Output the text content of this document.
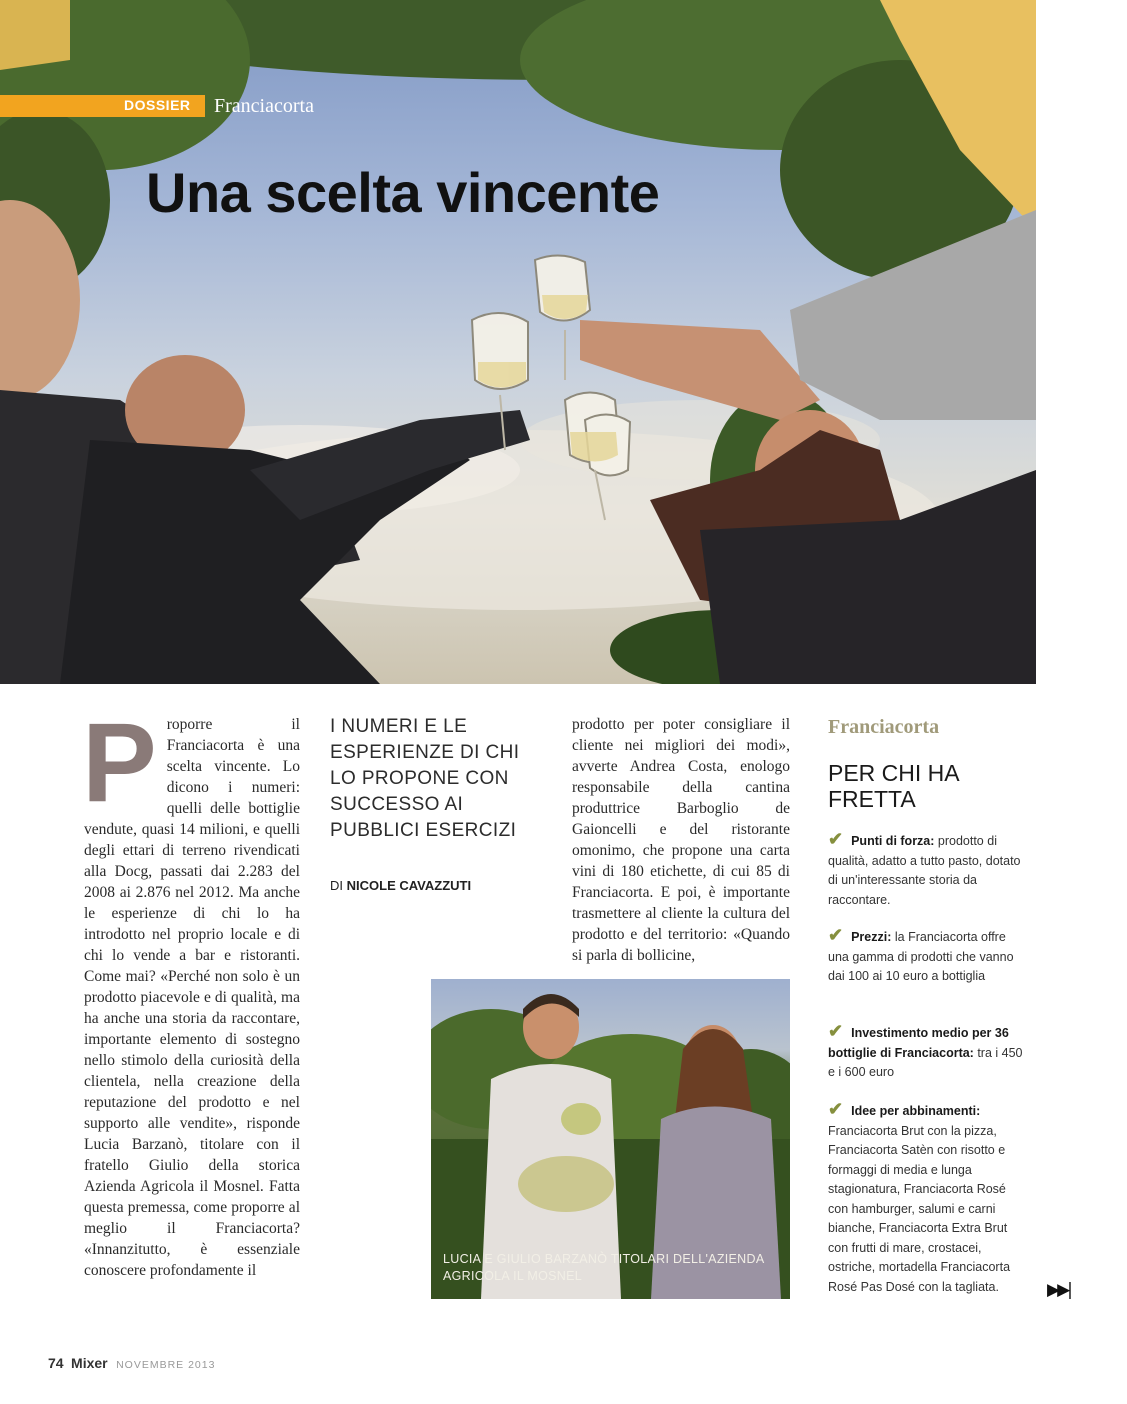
DOSSIER Franciacorta
Una scelta vincente
P roporre il Franciacorta è una scelta vincente. Lo dicono i numeri: quelli delle bottiglie vendute, quasi 14 milioni, e quelli degli ettari di terreno rivendicati alla Docg, passati dai 2.283 del 2008 ai 2.876 nel 2012. Ma anche le esperienze di chi lo ha introdotto nel proprio locale e di chi lo vende a bar e ristoranti. Come mai? «Perché non solo è un prodotto piacevole e di qualità, ma ha anche una storia da raccontare, importante elemento di sostegno nello stimolo della curiosità della clientela, nella creazione della reputazione del prodotto e nel supporto alle vendite», risponde Lucia Barzanò, titolare con il fratello Giulio della storica Azienda Agricola il Mosnel. Fatta questa premessa, come proporre al meglio il Franciacorta? «Innanzitutto, è essenziale conoscere profondamente il
I NUMERI E LE ESPERIENZE DI CHI LO PROPONE CON SUCCESSO AI PUBBLICI ESERCIZI
DI NICOLE CAVAZZUTI
prodotto per poter consigliare il cliente nei migliori dei modi», avverte Andrea Costa, enologo responsabile della cantina produttrice Barboglio de Gaioncelli e del ristorante omonimo, che propone una carta vini di 180 etichette, di cui 85 di Franciacorta. E poi, è importante trasmettere al cliente la cultura del prodotto e del territorio: «Quando si parla di bollicine,
LUCIA E GIULIO BARZANÒ TITOLARI DELL'AZIENDA AGRICOLA IL MOSNEL
Franciacorta
PER CHI HA FRETTA
✔ Punti di forza: prodotto di qualità, adatto a tutto pasto, dotato di un'interessante storia da raccontare.
✔ Prezzi: la Franciacorta offre una gamma di prodotti che vanno dai 100 ai 10 euro a bottiglia
✔ Investimento medio per 36 bottiglie di Franciacorta: tra i 450 e i 600 euro
✔ Idee per abbinamenti: Franciacorta Brut con la pizza, Franciacorta Satèn con risotto e formaggi di media e lunga stagionatura, Franciacorta Rosé con hamburger, salumi e carni bianche, Franciacorta Extra Brut con frutti di mare, crostacei, ostriche, mortadella Franciacorta Rosé Pas Dosé con la tagliata.	▶▶|
74 Mixer NOVEMBRE 2013
